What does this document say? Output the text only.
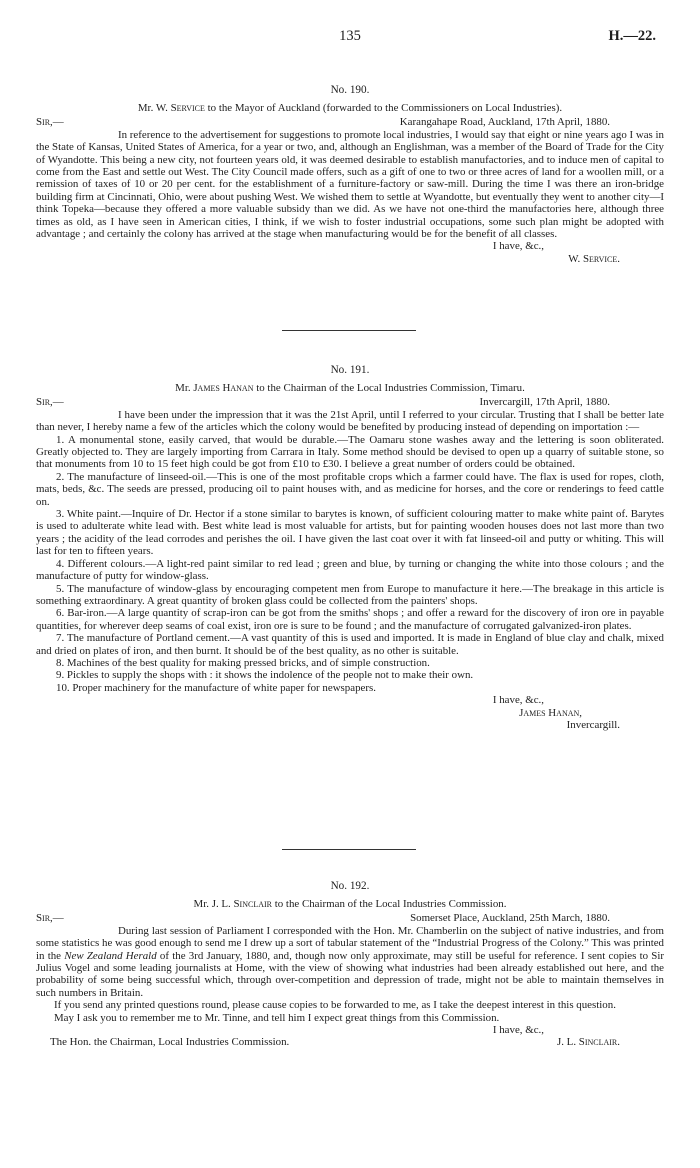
135	H.—22.
No. 190.
Mr. W. Service to the Mayor of Auckland (forwarded to the Commissioners on Local Industries).
Sir,—	Karangahape Road, Auckland, 17th April, 1880.

In reference to the advertisement for suggestions to promote local industries, I would say that eight or nine years ago I was in the State of Kansas, United States of America, for a year or two, and, although an Englishman, was a member of the Board of Trade for the City of Wyandotte. This being a new city, not fourteen years old, it was deemed desirable to establish manufactories, and to induce men of capital to come from the East and settle out West. The City Council made offers, such as a gift of one to two or three acres of land for a woollen mill, or a remission of taxes of 10 or 20 per cent. for the establishment of a furniture-factory or saw-mill. During the time I was there an iron-bridge building firm at Cincinnati, Ohio, were about pushing West. We wished them to settle at Wyandotte, but eventually they went to another city—I think Topeka—because they offered a more valuable subsidy than we did. As we have not one-third the manufactories here, although three times as old, as I have seen in American cities, I think, if we wish to foster industrial occupations, some such plan might be adopted with advantage ; and certainly the colony has arrived at the stage when manufacturing would be for the benefit of all classes.

I have, &c.,
W. Service.
No. 191.
Mr. James Hanan to the Chairman of the Local Industries Commission, Timaru.
Sir,—	Invercargill, 17th April, 1880.

I have been under the impression that it was the 21st April, until I referred to your circular. Trusting that I shall be better late than never, I hereby name a few of the articles which the colony would be benefited by producing instead of depending on importation :—

1. A monumental stone, easily carved, that would be durable.—The Oamaru stone washes away and the lettering is soon obliterated. Greatly objected to. They are largely importing from Carrara in Italy. Some method should be devised to open up a quarry of suitable stone, so that monuments from 10 to 15 feet high could be got from £10 to £30. I believe a great number of orders could be obtained.

2. The manufacture of linseed-oil.—This is one of the most profitable crops which a farmer could have. The flax is used for ropes, cloth, mats, beds, &c. The seeds are pressed, producing oil to paint houses with, and as medicine for horses, and the core or renderings to feed cattle on.

3. White paint.—Inquire of Dr. Hector if a stone similar to barytes is known, of sufficient colouring matter to make white paint of. Barytes is used to adulterate white lead with. Best white lead is most valuable for artists, but for painting wooden houses does not last more than two years ; the acidity of the lead corrodes and perishes the oil. I have given the last coat over it with fat linseed-oil and putty or whiting. This will last for ten to fifteen years.

4. Different colours.—A light-red paint similar to red lead ; green and blue, by turning or changing the white into those colours ; and the manufacture of putty for window-glass.

5. The manufacture of window-glass by encouraging competent men from Europe to manufacture it here.—The breakage in this article is something extraordinary. A great quantity of broken glass could be collected from the painters' shops.

6. Bar-iron.—A large quantity of scrap-iron can be got from the smiths' shops ; and offer a reward for the discovery of iron ore in payable quantities, for wherever deep seams of coal exist, iron ore is sure to be found ; and the manufacture of corrugated galvanized-iron plates.

7. The manufacture of Portland cement.—A vast quantity of this is used and imported. It is made in England of blue clay and chalk, mixed and dried on plates of iron, and then burnt. It should be of the best quality, as no other is suitable.

8. Machines of the best quality for making pressed bricks, and of simple construction.

9. Pickles to supply the shops with : it shows the indolence of the people not to make their own.

10. Proper machinery for the manufacture of white paper for newspapers.

I have, &c.,
James Hanan,
Invercargill.
No. 192.
Mr. J. L. Sinclair to the Chairman of the Local Industries Commission.
Sir,—	Somerset Place, Auckland, 25th March, 1880.

During last session of Parliament I corresponded with the Hon. Mr. Chamberlin on the subject of native industries, and from some statistics he was good enough to send me I drew up a sort of tabular statement of the “Industrial Progress of the Colony.” This was printed in the New Zealand Herald of the 3rd January, 1880, and, though now only approximate, may still be useful for reference. I sent copies to Sir Julius Vogel and some leading journalists at Home, with the view of showing what industries had been already established out here, and the probability of some being successful which, through over-competition and depression of trade, might not be able to maintain themselves in such numbers in Britain.

If you send any printed questions round, please cause copies to be forwarded to me, as I take the deepest interest in this question.

May I ask you to remember me to Mr. Tinne, and tell him I expect great things from this Commission.

I have, &c.,
The Hon. the Chairman, Local Industries Commission.	J. L. Sinclair.
